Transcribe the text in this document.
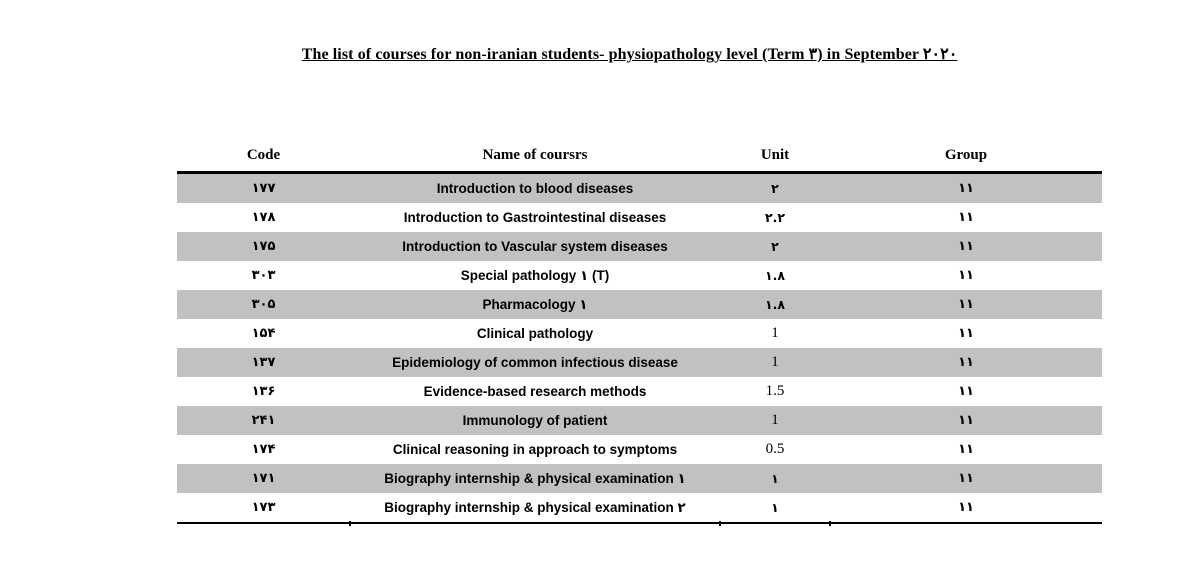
The list of courses for non-iranian students- physiopathology level (Term ۳) in September ۲۰۲۰
Code	Name of coursrs	Unit	Group
۱۷۷	Introduction to blood diseases	۲	۱۱
۱۷۸	Introduction to Gastrointestinal diseases	۲.۲	۱۱
۱۷۵	Introduction to Vascular system diseases	۲	۱۱
۳۰۳	Special pathology ۱ (T)	۱.۸	۱۱
۳۰۵	Pharmacology ۱	۱.۸	۱۱
۱۵۴	Clinical pathology	1	۱۱
۱۳۷	Epidemiology of common infectious disease	1	۱۱
۱۳۶	Evidence-based research methods	1.5	۱۱
۲۴۱	Immunology of patient	1	۱۱
۱۷۴	Clinical reasoning in approach to symptoms	0.5	۱۱
۱۷۱	Biography internship & physical examination ۱	۱	۱۱
۱۷۳	Biography internship & physical examination ۲	۱	۱۱
